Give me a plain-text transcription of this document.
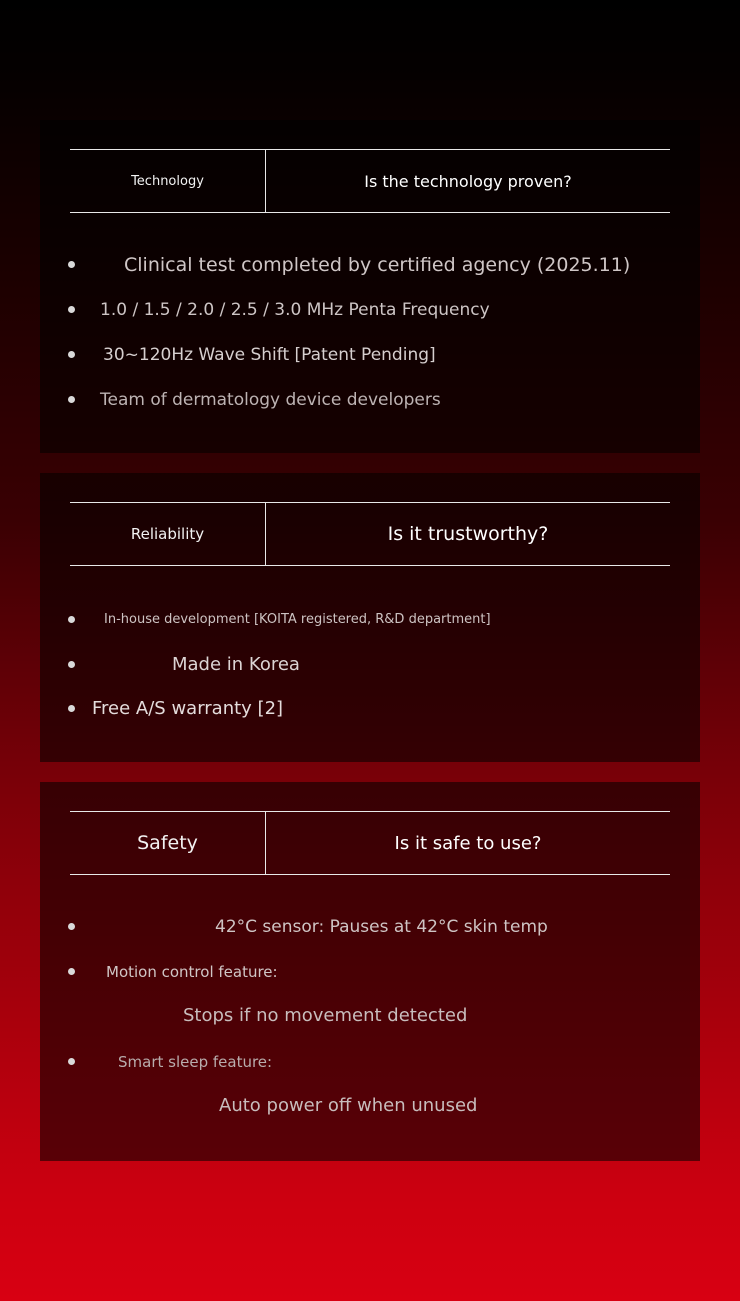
Technology	Is the technology proven?
Clinical test completed by certified agency (2025.11)
1.0 / 1.5 / 2.0 / 2.5 / 3.0 MHz Penta Frequency
30~120Hz Wave Shift [Patent Pending]
Team of dermatology device developers
Reliability	Is it trustworthy?
In-house development [KOITA registered, R&D department]
Made in Korea
Free A/S warranty [2]
Safety	Is it safe to use?
42°C sensor: Pauses at 42°C skin temp
Motion control feature:
Stops if no movement detected
Smart sleep feature:
Auto power off when unused
